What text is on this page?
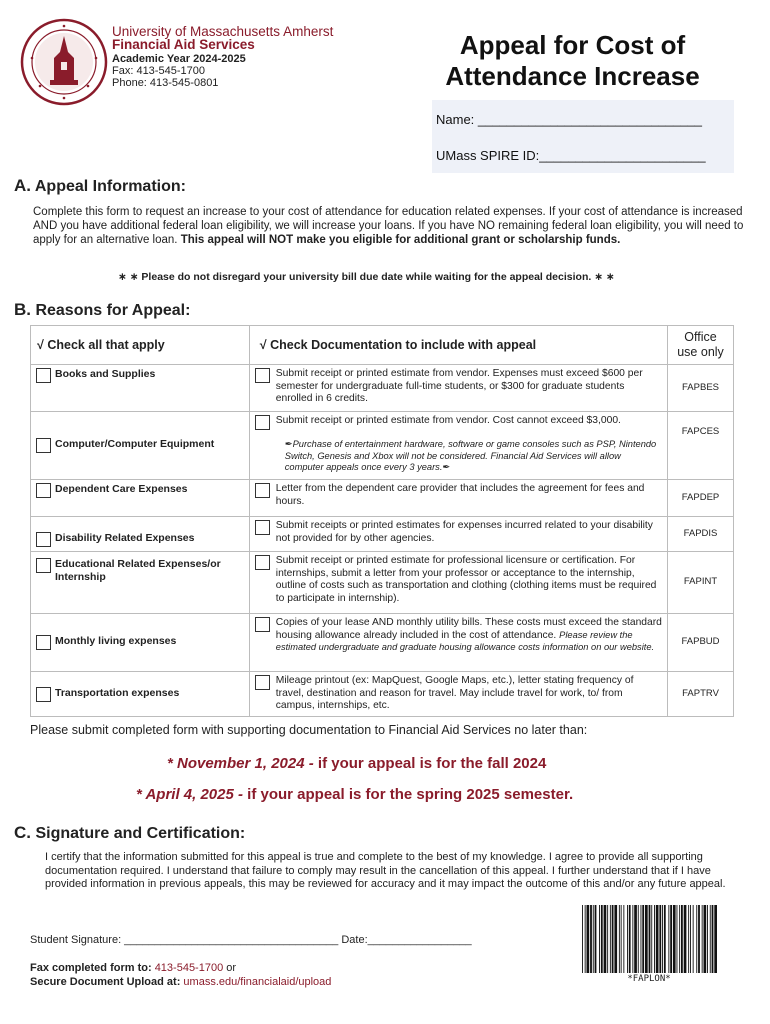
University of Massachusetts Amherst
Financial Aid Services
Academic Year 2024-2025
Fax: 413-545-1700
Phone: 413-545-0801
Appeal for Cost of
Attendance Increase
Name: _______________________________
UMass SPIRE ID:_______________________
A. Appeal Information:
Complete this form to request an increase to your cost of attendance for education related expenses. If your cost of attendance is increased AND you have additional federal loan eligibility, we will increase your loans. If you have NO remaining federal loan eligibility, you will need to apply for an alternative loan. This appeal will NOT make you eligible for additional grant or scholarship funds.
∗ ∗ Please do not disregard your university bill due date while waiting for the appeal decision. ∗ ∗
B. Reasons for Appeal:
√ Check all that apply	√ Check Documentation to include with appeal	Office
use only

Books and Supplies	Submit receipt or printed estimate from vendor. Expenses must exceed $600 per semester for undergraduate full-time students, or $300 for graduate students enrolled in 6 credits.	FAPBES

Computer/Computer Equipment	Submit receipt or printed estimate from vendor. Cost cannot exceed $3,000.
✒Purchase of entertainment hardware, software or game consoles such as PSP, Nintendo Switch, Genesis and Xbox will not be considered. Financial Aid Services will allow computer appeals once every 3 years.✒	FAPCES

Dependent Care Expenses	Letter from the dependent care provider that includes the agreement for fees and hours.	FAPDEP

Disability Related Expenses	Submit receipts or printed estimates for expenses incurred related to your disability not provided for by other agencies.	FAPDIS

Educational Related Expenses/or Internship	Submit receipt or printed estimate for professional licensure or certification. For internships, submit a letter from your professor or acceptance to the internship, outline of costs such as transportation and clothing (clothing items must be required to participate in internship).	FAPINT

Monthly living expenses	Copies of your lease AND monthly utility bills. These costs must exceed the standard housing allowance already included in the cost of attendance. Please review the estimated undergraduate and graduate housing allowance costs information on our website.	FAPBUD

Transportation expenses	Mileage printout (ex: MapQuest, Google Maps, etc.), letter stating frequency of travel, destination and reason for travel. May include travel for work, to/ from campus, internships, etc.	FAPTRV
Please submit completed form with supporting documentation to Financial Aid Services no later than:
* November 1, 2024 - if your appeal is for the fall 2024
* April 4, 2025 - if your appeal is for the spring 2025 semester.
C. Signature and Certification:
I certify that the information submitted for this appeal is true and complete to the best of my knowledge. I agree to provide all supporting documentation required. I understand that failure to comply may result in the cancellation of this appeal. I further understand that if I have provided information in previous appeals, this may be reviewed for accuracy and it may impact the outcome of this and/or any future appeal.
Student Signature: ___________________________________ Date:_________________
Fax completed form to: 413-545-1700 or
Secure Document Upload at: umass.edu/financialaid/upload	*FAPLON*
